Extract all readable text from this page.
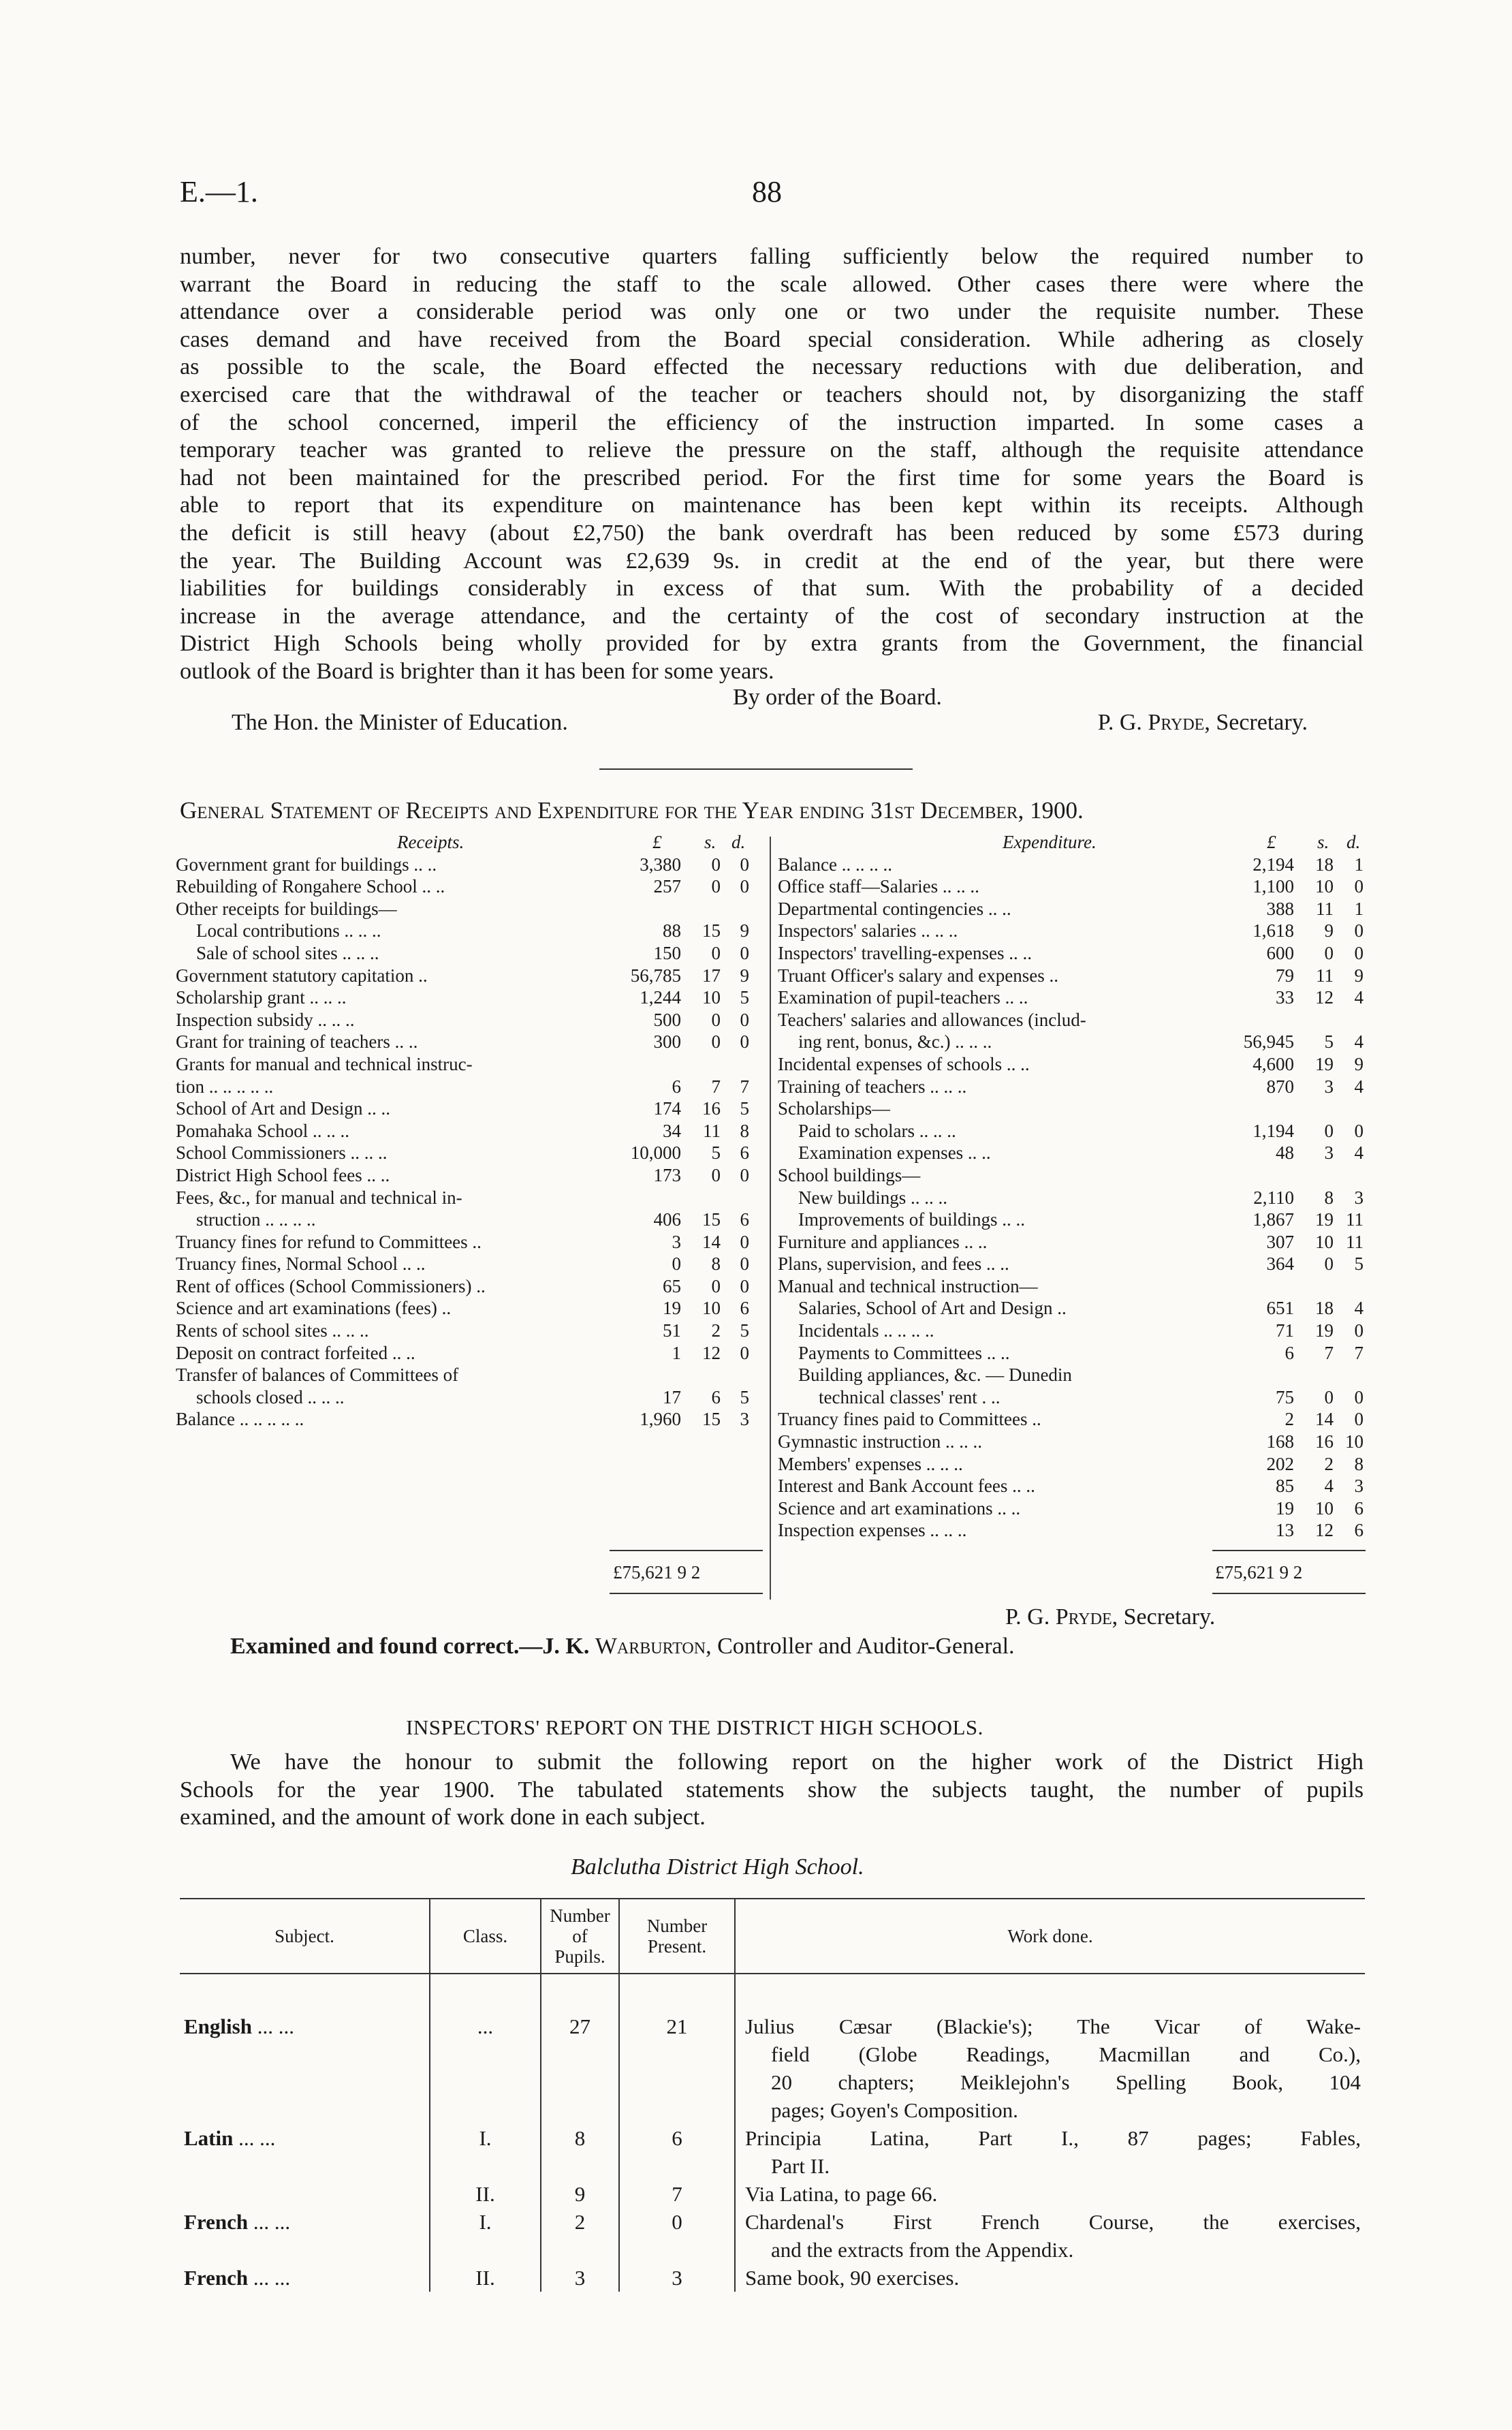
E.—1.	88
number, never for two consecutive quarters falling sufficiently below the required number to
warrant the Board in reducing the staff to the scale allowed. Other cases there were where the
attendance over a considerable period was only one or two under the requisite number. These
cases demand and have received from the Board special consideration. While adhering as closely
as possible to the scale, the Board effected the necessary reductions with due deliberation, and
exercised care that the withdrawal of the teacher or teachers should not, by disorganizing the staff
of the school concerned, imperil the efficiency of the instruction imparted. In some cases a
temporary teacher was granted to relieve the pressure on the staff, although the requisite attendance
had not been maintained for the prescribed period. For the first time for some years the Board is
able to report that its expenditure on maintenance has been kept within its receipts. Although
the deficit is still heavy (about £2,750) the bank overdraft has been reduced by some £573 during
the year. The Building Account was £2,639 9s. in credit at the end of the year, but there were
liabilities for buildings considerably in excess of that sum. With the probability of a decided
increase in the average attendance, and the certainty of the cost of secondary instruction at the
District High Schools being wholly provided for by extra grants from the Government, the financial
outlook of the Board is brighter than it has been for some years.
By order of the Board.
The Hon. the Minister of Education.	P. G. Pryde, Secretary.
General Statement of Receipts and Expenditure for the Year ending 31st December, 1900.
Receipts.	£ s. d.
Government grant for buildings .. ..	3,380 0 0
Rebuilding of Rongahere School .. ..	257 0 0
Other receipts for buildings—
Local contributions .. .. ..	88 15 9
Sale of school sites .. .. ..	150 0 0
Government statutory capitation ..	56,785 17 9
Scholarship grant .. .. ..	1,244 10 5
Inspection subsidy .. .. ..	500 0 0
Grant for training of teachers .. ..	300 0 0
Grants for manual and technical instruc-
tion .. .. .. .. ..	6 7 7
School of Art and Design .. ..	174 16 5
Pomahaka School .. .. ..	34 11 8
School Commissioners .. .. ..	10,000 5 6
District High School fees .. ..	173 0 0
Fees, &c., for manual and technical in-
struction .. .. .. ..	406 15 6
Truancy fines for refund to Committees ..	3 14 0
Truancy fines, Normal School .. ..	0 8 0
Rent of offices (School Commissioners) ..	65 0 0
Science and art examinations (fees) ..	19 10 6
Rents of school sites .. .. ..	51 2 5
Deposit on contract forfeited .. ..	1 12 0
Transfer of balances of Committees of
schools closed .. .. ..	17 6 5
Balance .. .. .. .. ..	1,960 15 3
Expenditure.	£ s. d.
Balance .. .. .. ..	2,194 18 1
Office staff—Salaries .. .. ..	1,100 10 0
Departmental contingencies .. ..	388 11 1
Inspectors' salaries .. .. ..	1,618 9 0
Inspectors' travelling-expenses .. ..	600 0 0
Truant Officer's salary and expenses ..	79 11 9
Examination of pupil-teachers .. ..	33 12 4
Teachers' salaries and allowances (includ-
ing rent, bonus, &c.) .. .. ..	56,945 5 4
Incidental expenses of schools .. ..	4,600 19 9
Training of teachers .. .. ..	870 3 4
Scholarships—
Paid to scholars .. .. ..	1,194 0 0
Examination expenses .. ..	48 3 4
School buildings—
New buildings .. .. ..	2,110 8 3
Improvements of buildings .. ..	1,867 19 11
Furniture and appliances .. ..	307 10 11
Plans, supervision, and fees .. ..	364 0 5
Manual and technical instruction—
Salaries, School of Art and Design ..	651 18 4
Incidentals .. .. .. ..	71 19 0
Payments to Committees .. ..	6 7 7
Building appliances, &c. — Dunedin
technical classes' rent . ..	75 0 0
Truancy fines paid to Committees ..	2 14 0
Gymnastic instruction .. .. ..	168 16 10
Members' expenses .. .. ..	202 2 8
Interest and Bank Account fees .. ..	85 4 3
Science and art examinations .. ..	19 10 6
Inspection expenses .. .. ..	13 12 6
£75,621 9 2	£75,621 9 2
P. G. Pryde, Secretary.
Examined and found correct.—J. K. Warburton, Controller and Auditor-General.
INSPECTORS' REPORT ON THE DISTRICT HIGH SCHOOLS.
We have the honour to submit the following report on the higher work of the District High
Schools for the year 1900. The tabulated statements show the subjects taught, the number of pupils
examined, and the amount of work done in each subject.
Balclutha District High School.
Subject.	Class.	Number of Pupils.	Number Present.	Work done.
English ... ...	...	27	21	Julius Cæsar (Blackie's); The Vicar of Wake-
field (Globe Readings, Macmillan and Co.),
20 chapters; Meiklejohn's Spelling Book, 104
pages; Goyen's Composition.

Latin ... ...	I.	8	6	Principia Latina, Part I., 87 pages; Fables,
Part II.

	II.	9	7	Via Latina, to page 66.

French ... ...	I.	2	0	Chardenal's First French Course, the exercises,
and the extracts from the Appendix.

French ... ...	II.	3	3	Same book, 90 exercises.
